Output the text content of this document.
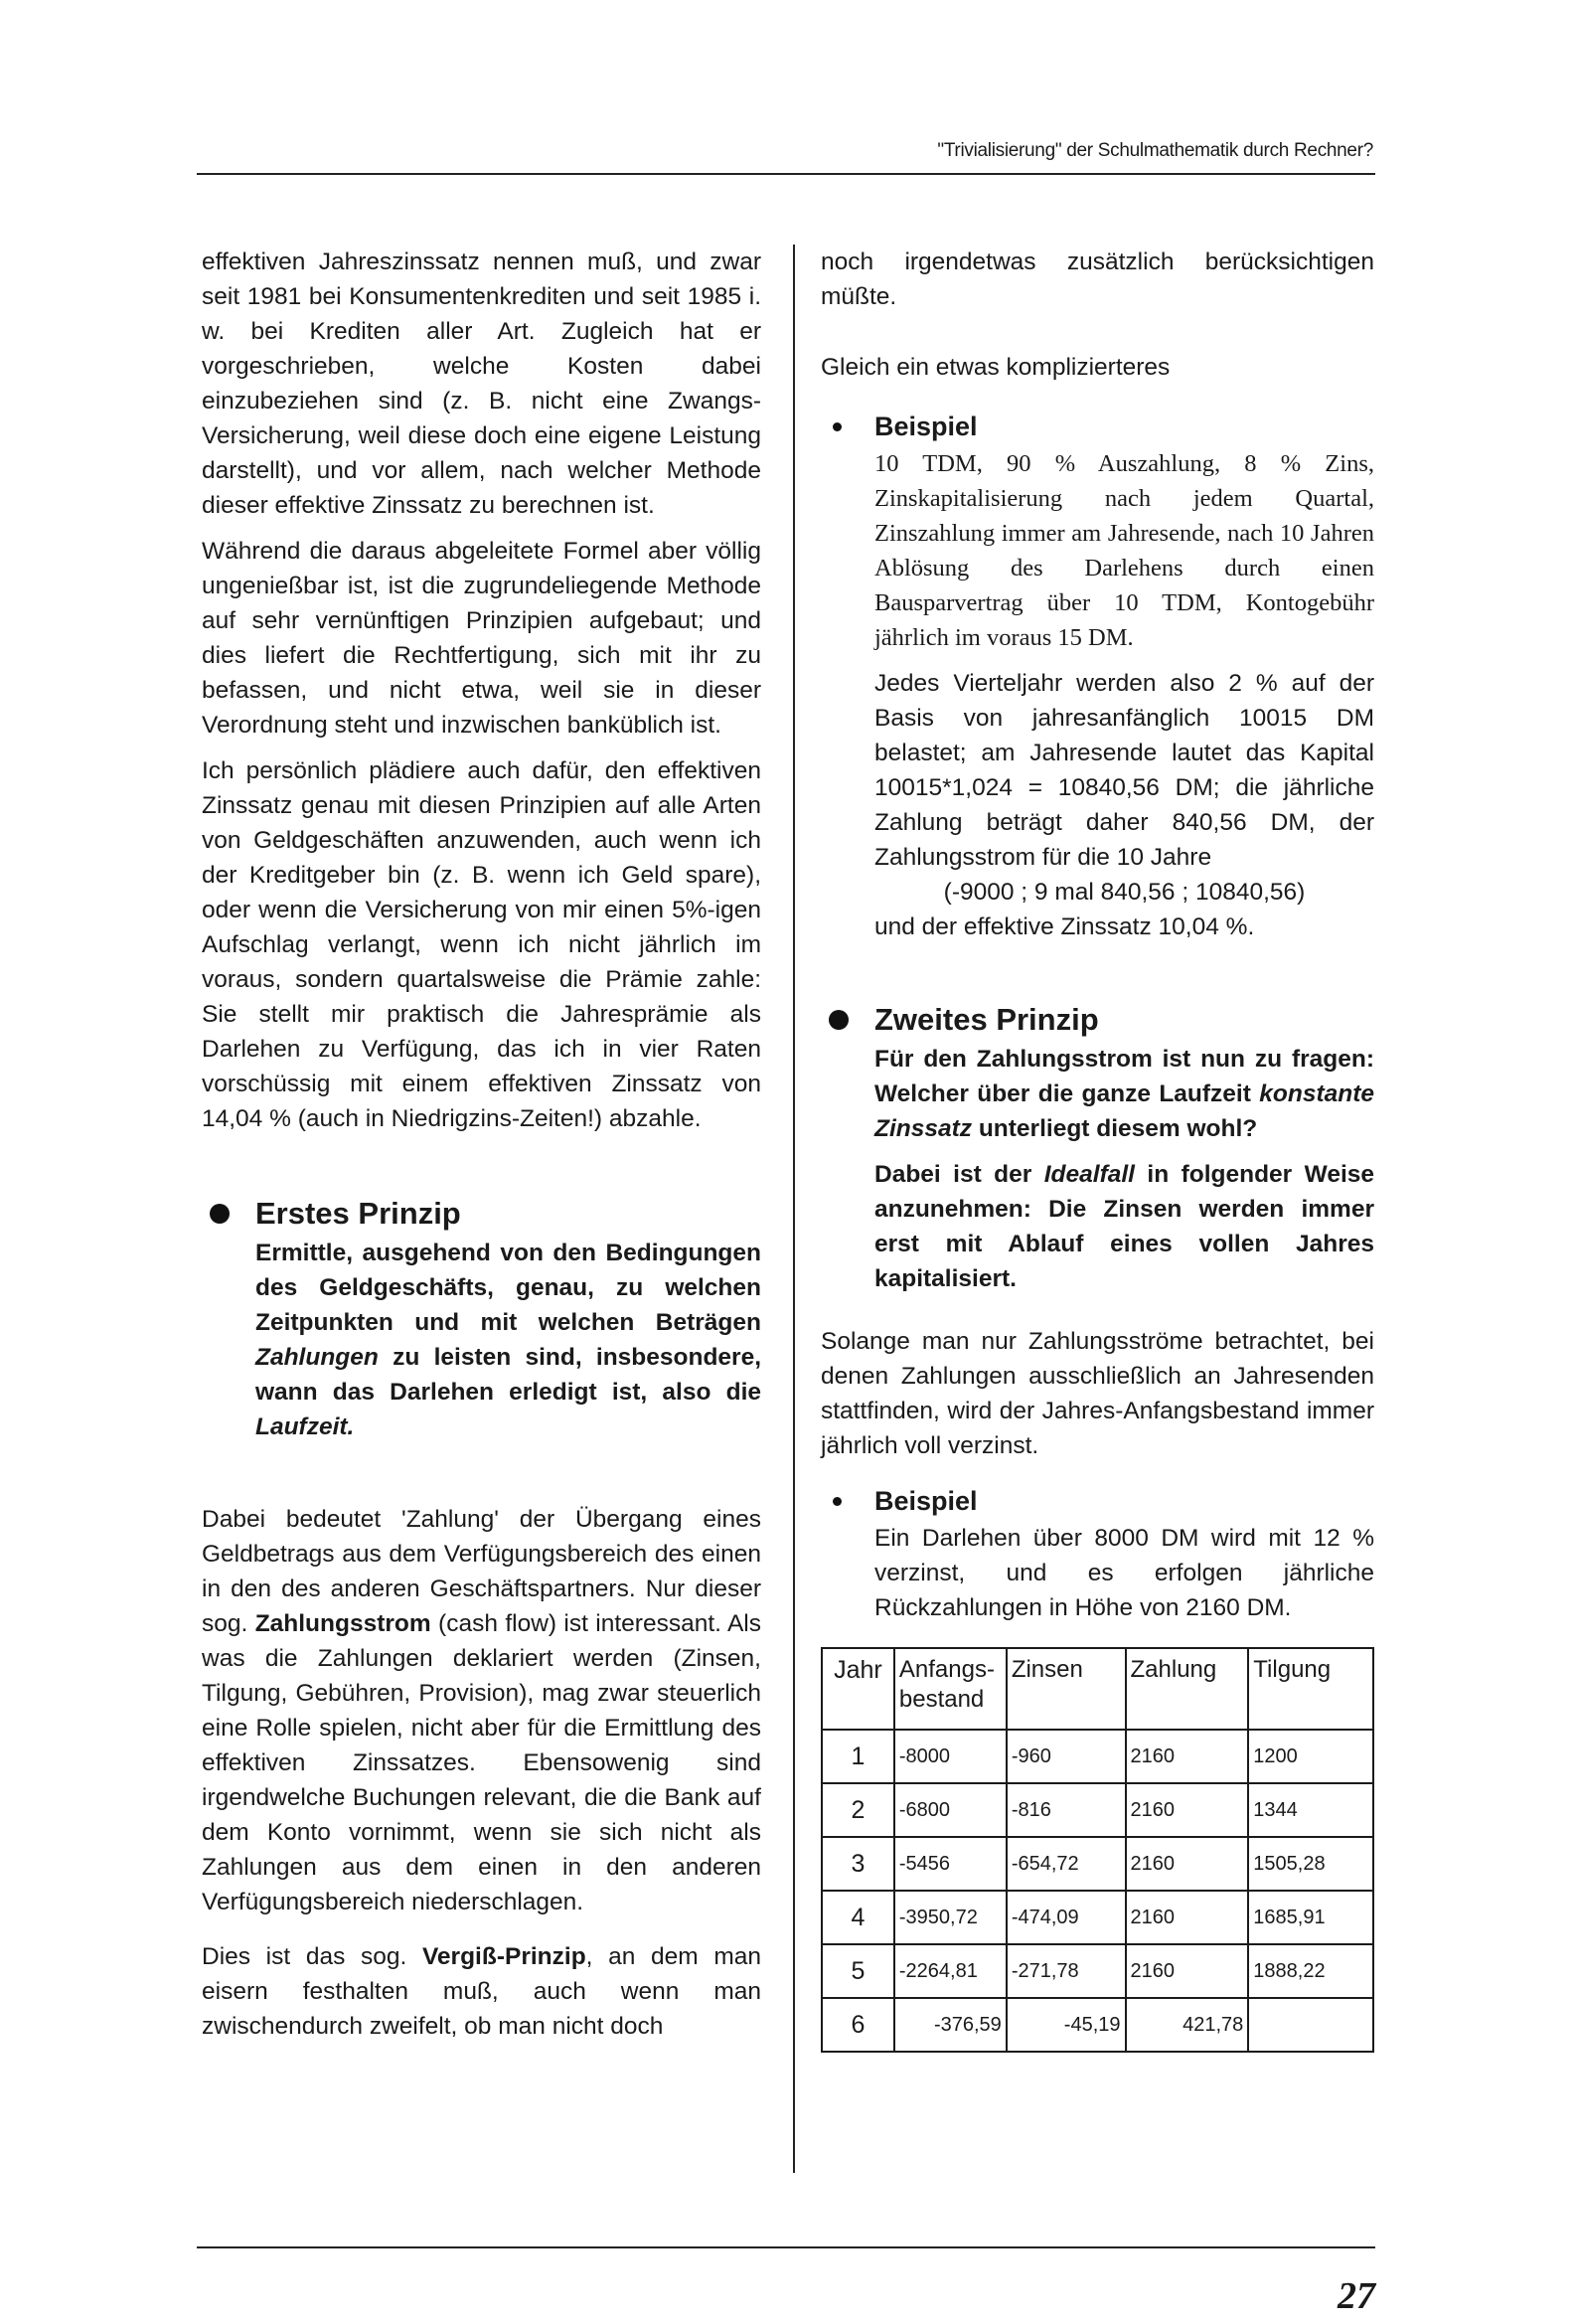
"Trivialisierung" der Schulmathematik durch Rechner?

effektiven Jahreszinssatz nennen muß, und zwar seit 1981 bei Konsumentenkrediten und seit 1985 i. w. bei Krediten aller Art. Zugleich hat er vorgeschrieben, welche Kosten dabei einzubeziehen sind (z. B. nicht eine Zwangs-Versicherung, weil diese doch eine eigene Leistung darstellt), und vor allem, nach welcher Methode dieser effektive Zinssatz zu berechnen ist.

Während die daraus abgeleitete Formel aber völlig ungenießbar ist, ist die zugrundeliegende Methode auf sehr vernünftigen Prinzipien aufgebaut; und dies liefert die Rechtfertigung, sich mit ihr zu befassen, und nicht etwa, weil sie in dieser Verordnung steht und inzwischen banküblich ist.

Ich persönlich plädiere auch dafür, den effektiven Zinssatz genau mit diesen Prinzipien auf alle Arten von Geldgeschäften anzuwenden, auch wenn ich der Kreditgeber bin (z. B. wenn ich Geld spare), oder wenn die Versicherung von mir einen 5%-igen Aufschlag verlangt, wenn ich nicht jährlich im voraus, sondern quartalsweise die Prämie zahle: Sie stellt mir praktisch die Jahresprämie als Darlehen zu Verfügung, das ich in vier Raten vorschüssig mit einem effektiven Zinssatz von 14,04 % (auch in Niedrigzins-Zeiten!) abzahle.

Erstes Prinzip

Ermittle, ausgehend von den Bedingungen des Geldgeschäfts, genau, zu welchen Zeitpunkten und mit welchen Beträgen Zahlungen zu leisten sind, insbesondere, wann das Darlehen erledigt ist, also die Laufzeit.

Dabei bedeutet 'Zahlung' der Übergang eines Geldbetrags aus dem Verfügungsbereich des einen in den des anderen Geschäftspartners. Nur dieser sog. Zahlungsstrom (cash flow) ist interessant. Als was die Zahlungen deklariert werden (Zinsen, Tilgung, Gebühren, Provision), mag zwar steuerlich eine Rolle spielen, nicht aber für die Ermittlung des effektiven Zinssatzes. Ebensowenig sind irgendwelche Buchungen relevant, die die Bank auf dem Konto vornimmt, wenn sie sich nicht als Zahlungen aus dem einen in den anderen Verfügungsbereich niederschlagen.

Dies ist das sog. Vergiß-Prinzip, an dem man eisern festhalten muß, auch wenn man zwischendurch zweifelt, ob man nicht doch

noch irgendetwas zusätzlich berücksichtigen müßte.

Gleich ein etwas komplizierteres

Beispiel

10 TDM, 90 % Auszahlung, 8 % Zins, Zinskapitalisierung nach jedem Quartal, Zinszahlung immer am Jahresende, nach 10 Jahren Ablösung des Darlehens durch einen Bausparvertrag über 10 TDM, Kontogebühr jährlich im voraus 15 DM.

Jedes Vierteljahr werden also 2 % auf der Basis von jahresanfänglich 10015 DM belastet; am Jahresende lautet das Kapital 10015*1,024 = 10840,56 DM; die jährliche Zahlung beträgt daher 840,56 DM, der Zahlungsstrom für die 10 Jahre

(-9000 ; 9 mal 840,56 ; 10840,56)

und der effektive Zinssatz 10,04 %.

Zweites Prinzip

Für den Zahlungsstrom ist nun zu fragen: Welcher über die ganze Laufzeit konstante Zinssatz unterliegt diesem wohl?

Dabei ist der Idealfall in folgender Weise anzunehmen: Die Zinsen werden immer erst mit Ablauf eines vollen Jahres kapitalisiert.

Solange man nur Zahlungsströme betrachtet, bei denen Zahlungen ausschließlich an Jahresenden stattfinden, wird der Jahres-Anfangsbestand immer jährlich voll verzinst.

Beispiel

Ein Darlehen über 8000 DM wird mit 12 % verzinst, und es erfolgen jährliche Rückzahlungen in Höhe von 2160 DM.

Jahr	Anfangs-bestand	Zinsen	Zahlung	Tilgung
1	-8000	-960	2160	1200
2	-6800	-816	2160	1344
3	-5456	-654,72	2160	1505,28
4	-3950,72	-474,09	2160	1685,91
5	-2264,81	-271,78	2160	1888,22
6	-376,59	-45,19	421,78	
27
